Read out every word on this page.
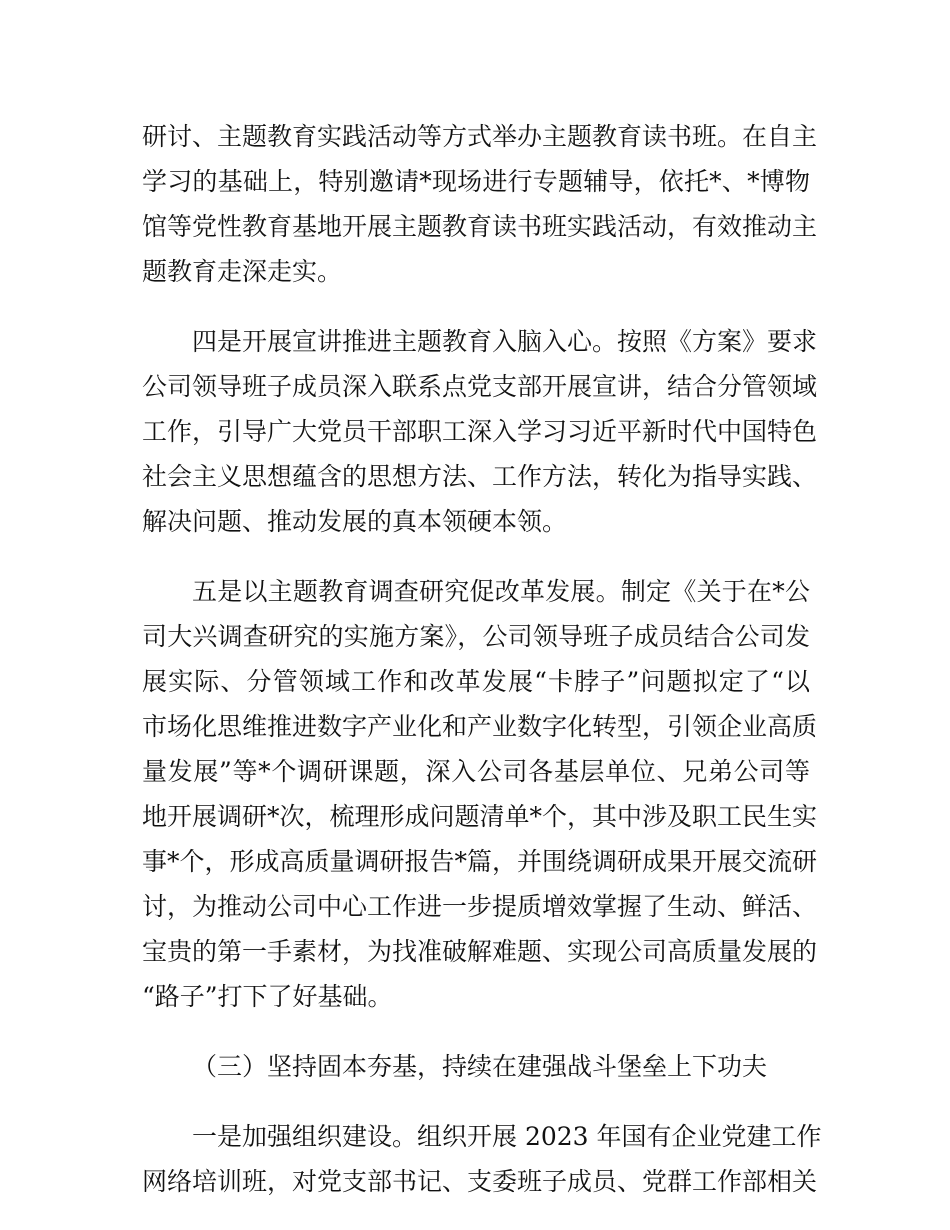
研讨、主题教育实践活动等方式举办主题教育读书班。在自主
学习的基础上，特别邀请*现场进行专题辅导，依托*、*博物
馆等党性教育基地开展主题教育读书班实践活动，有效推动主
题教育走深走实。
四是开展宣讲推进主题教育入脑入心。按照《方案》要求
公司领导班子成员深入联系点党支部开展宣讲，结合分管领域
工作，引导广大党员干部职工深入学习习近平新时代中国特色
社会主义思想蕴含的思想方法、工作方法，转化为指导实践、
解决问题、推动发展的真本领硬本领。
五是以主题教育调查研究促改革发展。制定《关于在*公
司大兴调查研究的实施方案》，公司领导班子成员结合公司发
展实际、分管领域工作和改革发展“卡脖子”问题拟定了“以
市场化思维推进数字产业化和产业数字化转型，引领企业高质
量发展”等*个调研课题，深入公司各基层单位、兄弟公司等
地开展调研*次，梳理形成问题清单*个，其中涉及职工民生实
事*个，形成高质量调研报告*篇，并围绕调研成果开展交流研
讨，为推动公司中心工作进一步提质增效掌握了生动、鲜活、
宝贵的第一手素材，为找准破解难题、实现公司高质量发展的
“路子”打下了好基础。
（三）坚持固本夯基，持续在建强战斗堡垒上下功夫
一是加强组织建设。组织开展 2023 年国有企业党建工作
网络培训班，对党支部书记、支委班子成员、党群工作部相关
